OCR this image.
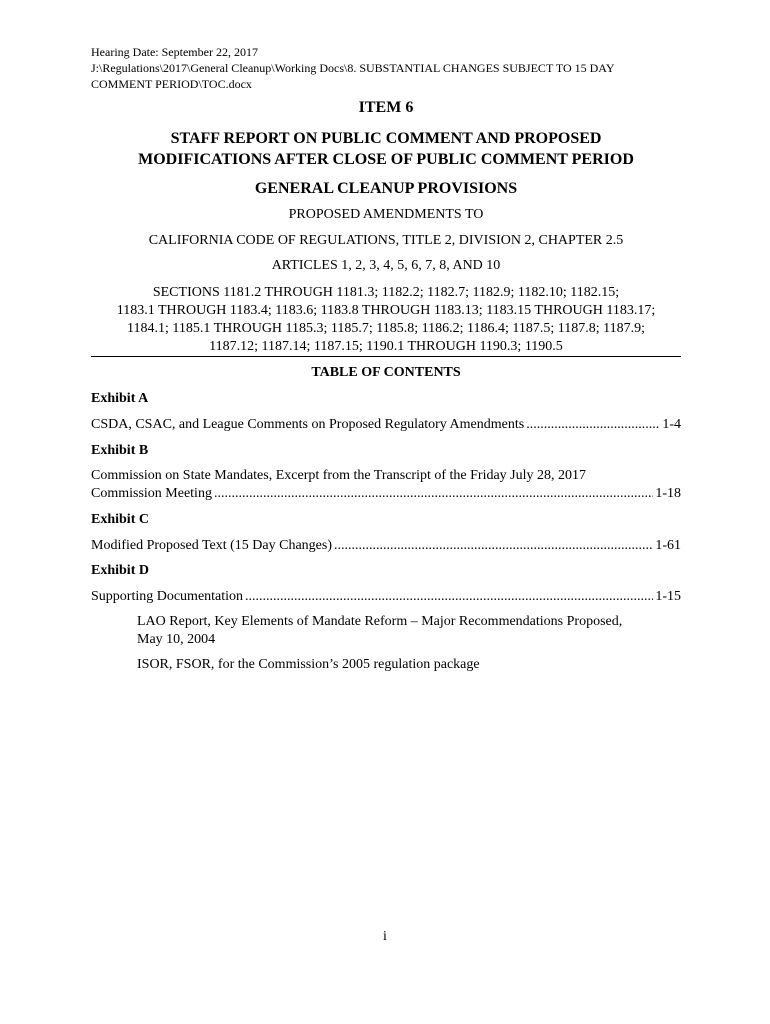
Hearing Date: September 22, 2017
J:\Regulations\2017\General Cleanup\Working Docs\8. SUBSTANTIAL CHANGES SUBJECT TO 15 DAY
COMMENT PERIOD\TOC.docx
ITEM 6
STAFF REPORT ON PUBLIC COMMENT AND PROPOSED
MODIFICATIONS AFTER CLOSE OF PUBLIC COMMENT PERIOD
GENERAL CLEANUP PROVISIONS
PROPOSED AMENDMENTS TO
CALIFORNIA CODE OF REGULATIONS, TITLE 2, DIVISION 2, CHAPTER 2.5
ARTICLES 1, 2, 3, 4, 5, 6, 7, 8, AND 10
SECTIONS 1181.2 THROUGH 1181.3; 1182.2; 1182.7; 1182.9; 1182.10; 1182.15;
1183.1 THROUGH 1183.4; 1183.6; 1183.8 THROUGH 1183.13; 1183.15 THROUGH 1183.17;
1184.1; 1185.1 THROUGH 1185.3; 1185.7; 1185.8; 1186.2; 1186.4; 1187.5; 1187.8; 1187.9;
1187.12; 1187.14; 1187.15; 1190.1 THROUGH 1190.3; 1190.5
TABLE OF CONTENTS
Exhibit A
CSDA, CSAC, and League Comments on Proposed Regulatory Amendments .....	1-4
Exhibit B
Commission on State Mandates, Excerpt from the Transcript of the Friday July 28, 2017
Commission Meeting .....	1-18
Exhibit C
Modified Proposed Text (15 Day Changes) .....	1-61
Exhibit D
Supporting Documentation .....	1-15
LAO Report, Key Elements of Mandate Reform – Major Recommendations Proposed,
May 10, 2004
ISOR, FSOR, for the Commission’s 2005 regulation package
i
